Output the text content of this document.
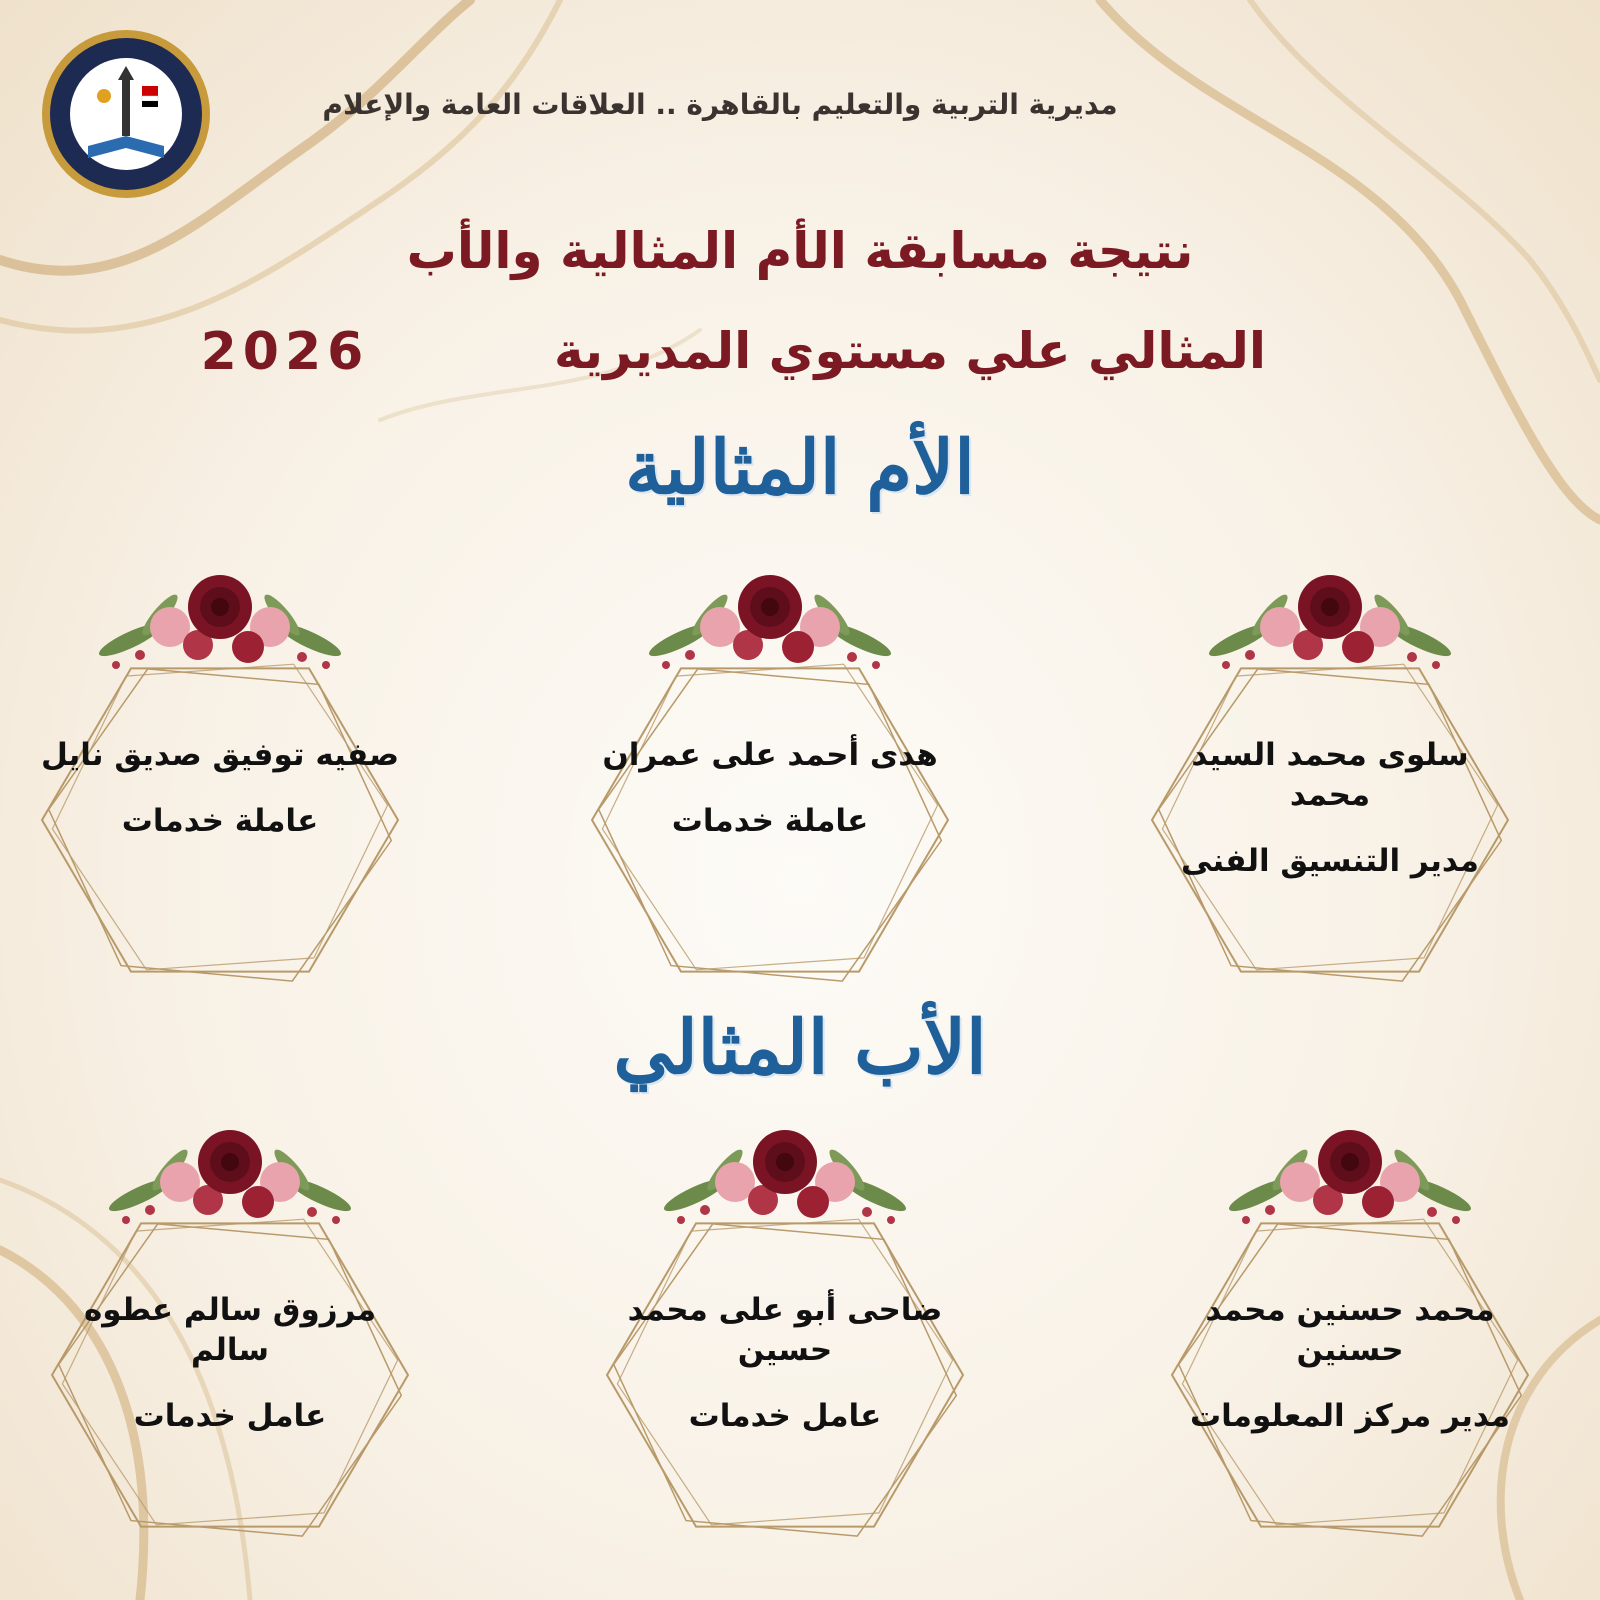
مديرية التربية والتعليم بالقاهرة .. العلاقات العامة والإعلام
نتيجة مسابقة الأم المثالية والأب
المثالي علي مستوي المديرية
2026
الأم المثالية
سلوى محمد السيد محمد
مدير التنسيق الفنى
هدى أحمد على عمران
عاملة خدمات
صفيه توفيق صديق نايل
عاملة خدمات
الأب المثالي
محمد حسنين محمد حسنين
مدير مركز المعلومات
ضاحى أبو على محمد حسين
عامل خدمات
مرزوق سالم عطوه سالم
عامل خدمات
